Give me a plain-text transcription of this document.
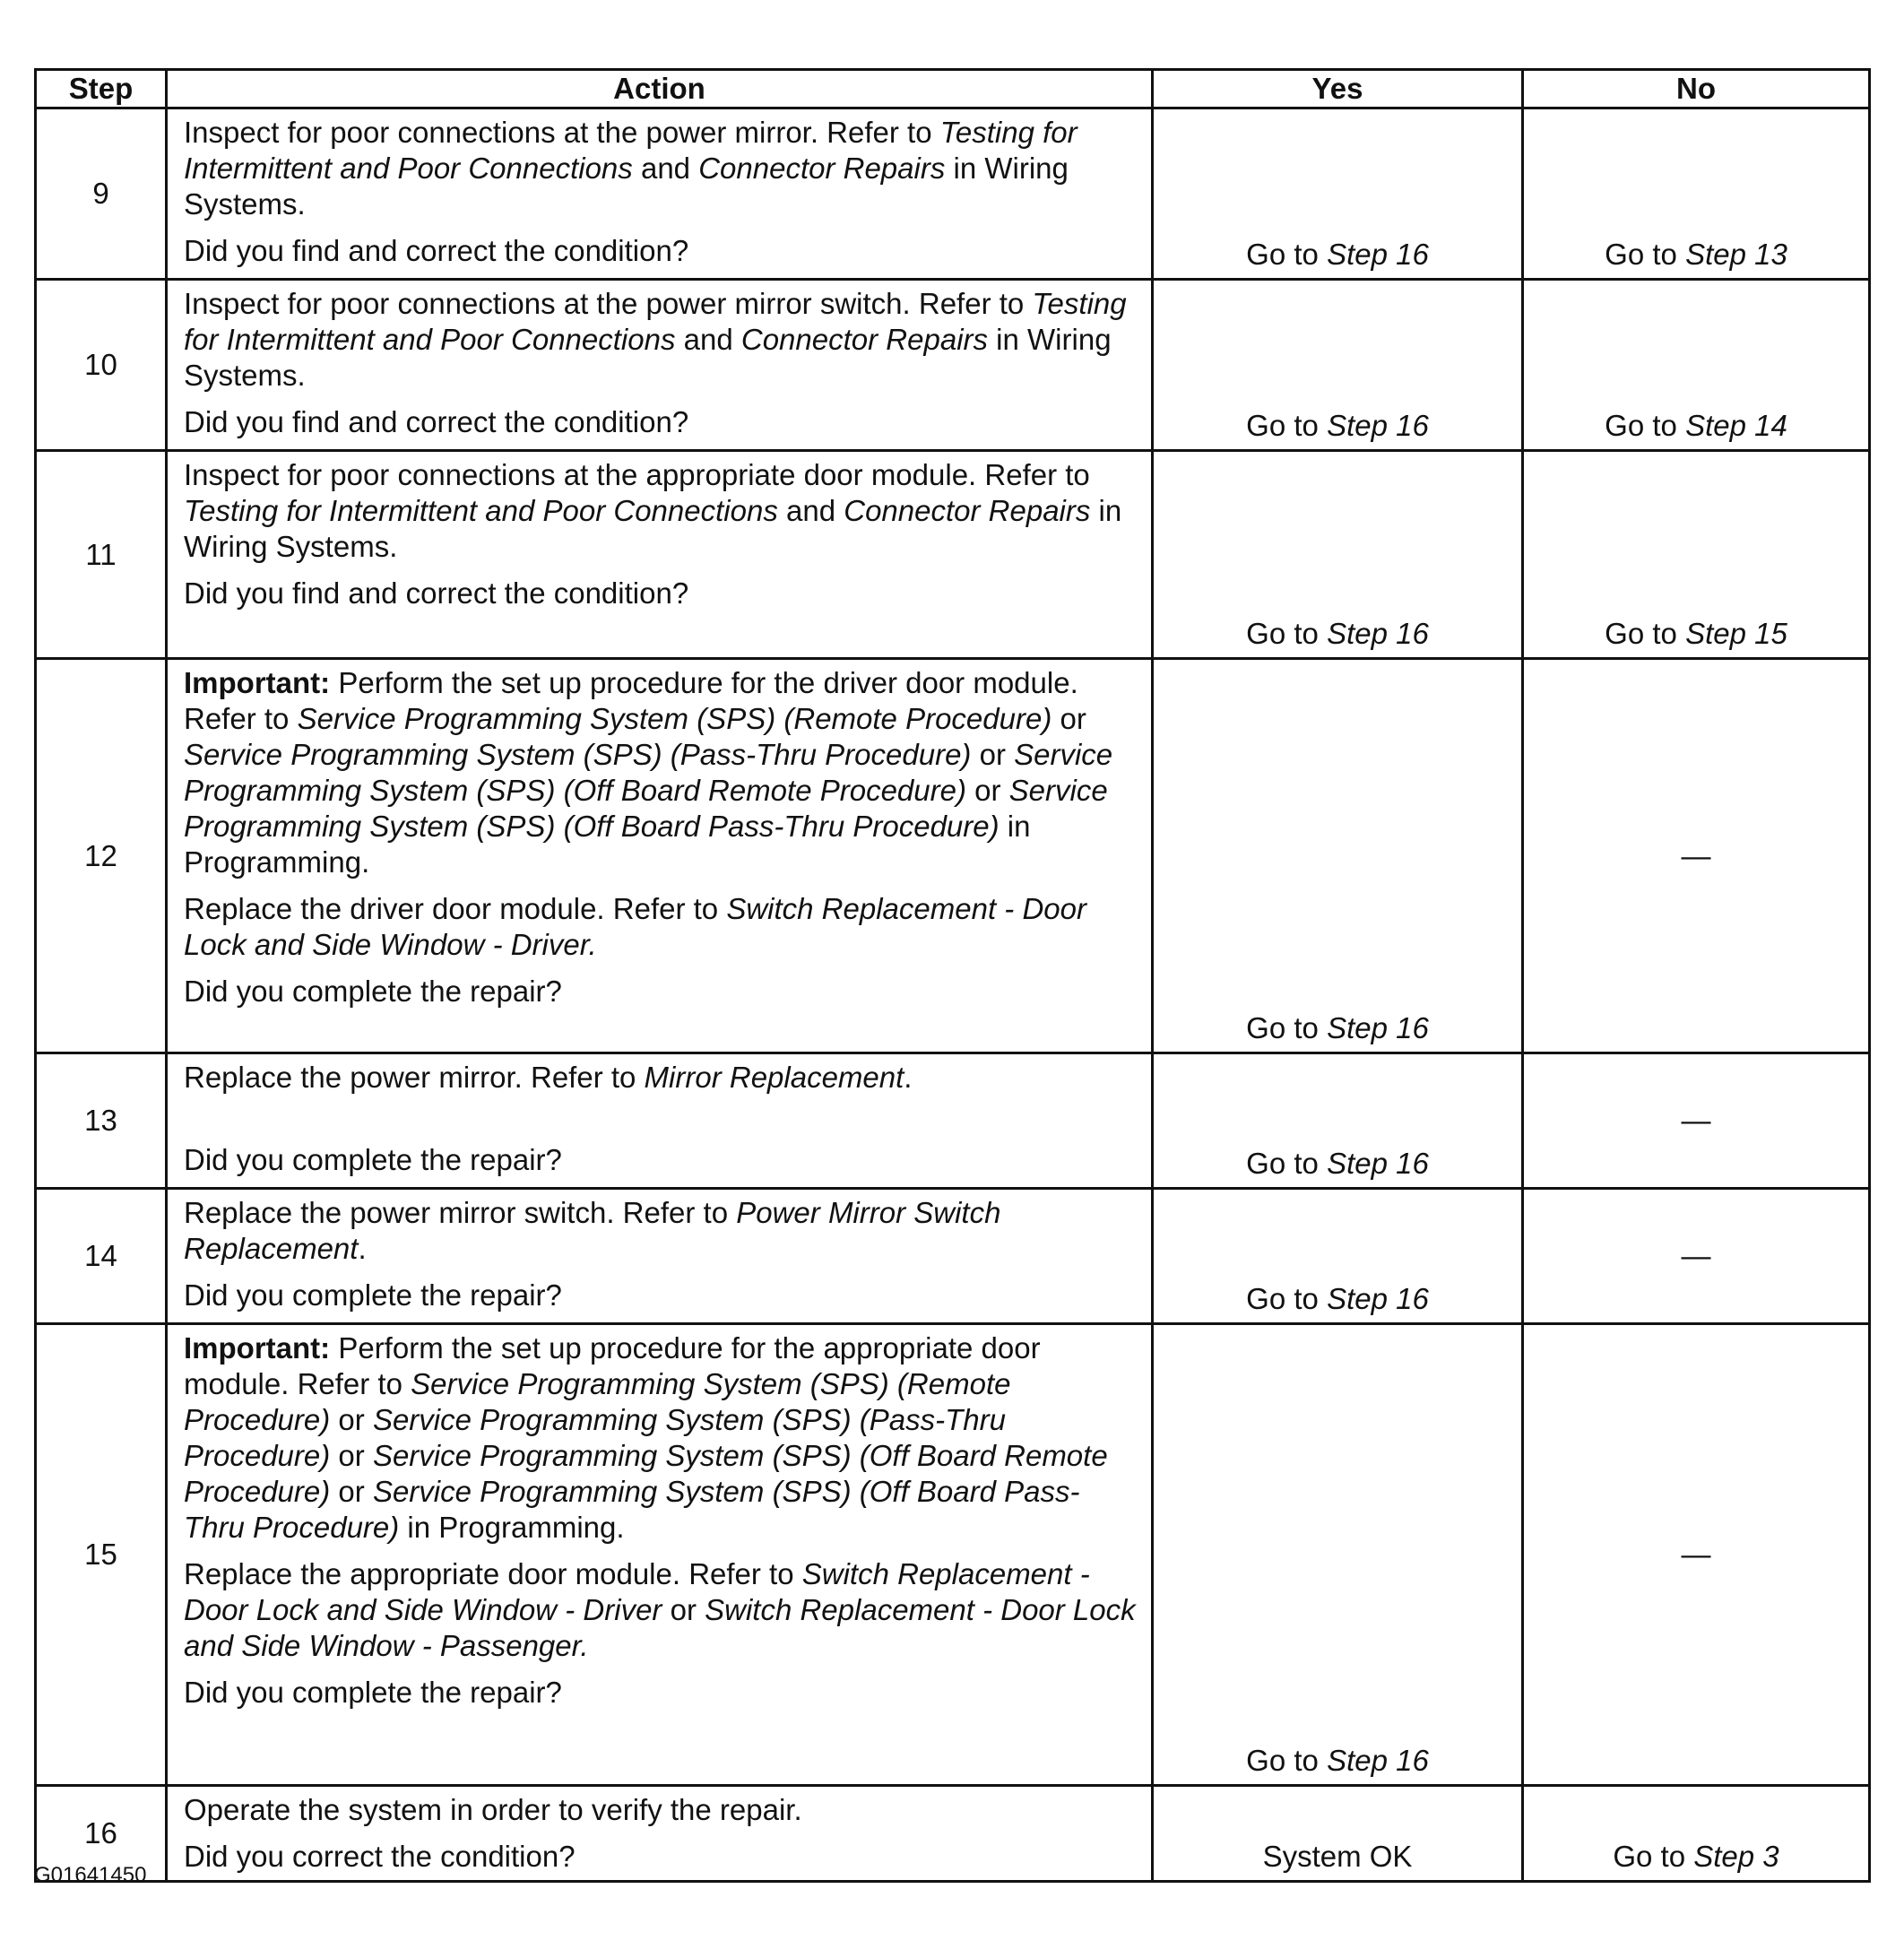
Step	Action	Yes	No
9	Inspect for poor connections at the power mirror. Refer to Testing for Intermittent and Poor Connections and Connector Repairs in Wiring Systems.
Did you find and correct the condition?	Go to Step 16	Go to Step 13
10	Inspect for poor connections at the power mirror switch. Refer to Testing for Intermittent and Poor Connections and Connector Repairs in Wiring Systems.
Did you find and correct the condition?	Go to Step 16	Go to Step 14
11	Inspect for poor connections at the appropriate door module. Refer to Testing for Intermittent and Poor Connections and Connector Repairs in Wiring Systems.
Did you find and correct the condition?	Go to Step 16	Go to Step 15
12	Important: Perform the set up procedure for the driver door module. Refer to Service Programming System (SPS) (Remote Procedure) or Service Programming System (SPS) (Pass-Thru Procedure) or Service Programming System (SPS) (Off Board Remote Procedure) or Service Programming System (SPS) (Off Board Pass-Thru Procedure) in Programming.
Replace the driver door module. Refer to Switch Replacement - Door Lock and Side Window - Driver.
Did you complete the repair?	Go to Step 16	—
13	Replace the power mirror. Refer to Mirror Replacement.
Did you complete the repair?	Go to Step 16	—
14	Replace the power mirror switch. Refer to Power Mirror Switch Replacement.
Did you complete the repair?	Go to Step 16	—
15	Important: Perform the set up procedure for the appropriate door module. Refer to Service Programming System (SPS) (Remote Procedure) or Service Programming System (SPS) (Pass-Thru Procedure) or Service Programming System (SPS) (Off Board Remote Procedure) or Service Programming System (SPS) (Off Board Pass-Thru Procedure) in Programming.
Replace the appropriate door module. Refer to Switch Replacement - Door Lock and Side Window - Driver or Switch Replacement - Door Lock and Side Window - Passenger.
Did you complete the repair?	Go to Step 16	—
16	Operate the system in order to verify the repair.
Did you correct the condition?	System OK	Go to Step 3
G01641450
